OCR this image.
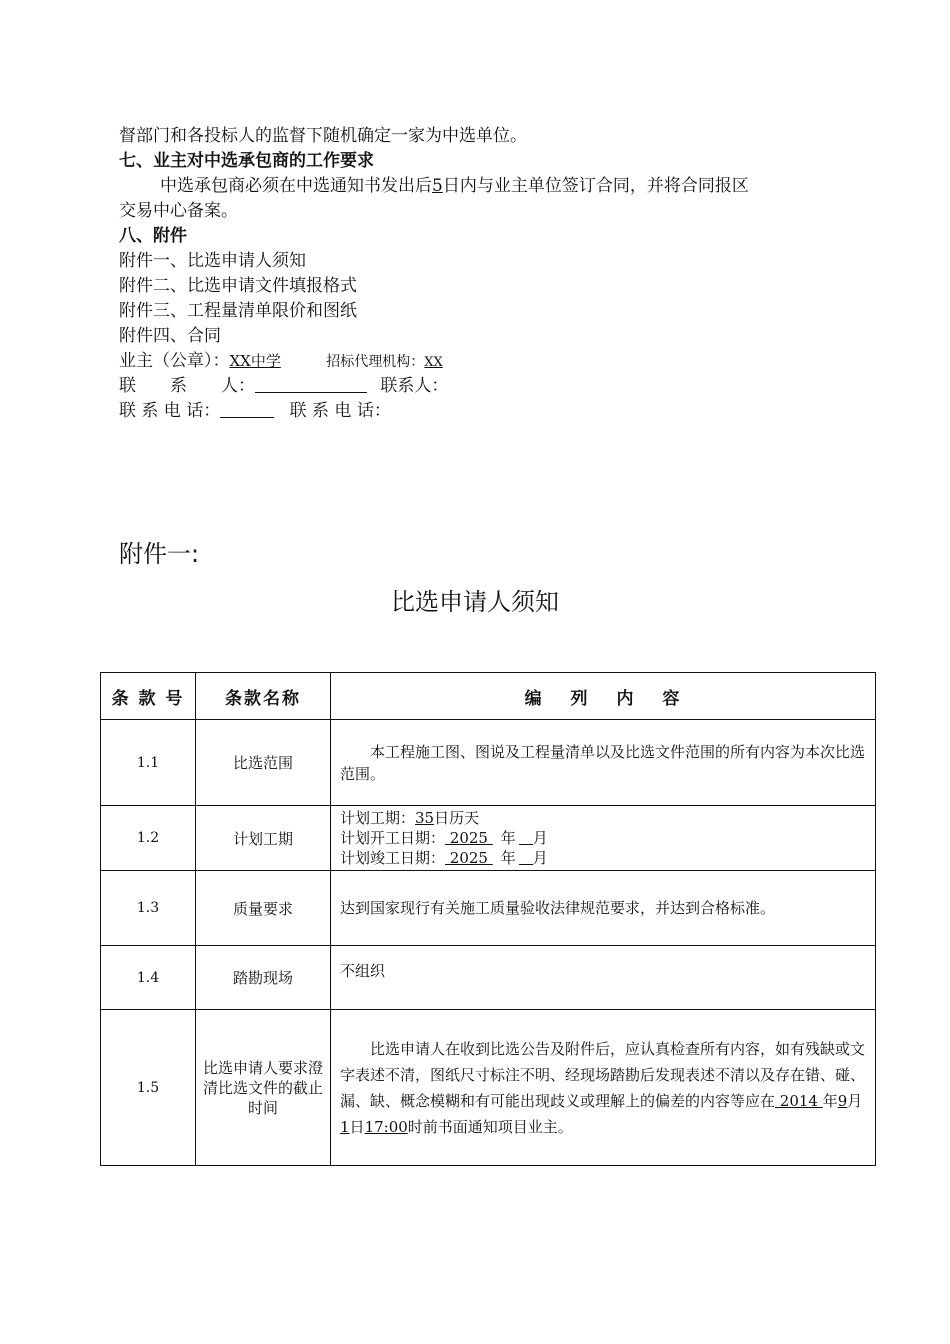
督部门和各投标人的监督下随机确定一家为中选单位。
七、业主对中选承包商的工作要求
中选承包商必须在中选通知书发出后5日内与业主单位签订合同，并将合同报区
交易中心备案。
八、附件
附件一、比选申请人须知
附件二、比选申请文件填报格式
附件三、工程量清单限价和图纸
附件四、合同
业主（公章）：XX中学	招标代理机构：XX
联　　系　　人：	联系人：
联 系 电 话：	联 系 电 话：
附件一:
比选申请人须知
条 款 号	条款名称	编　 列　 内　 容
1.1	比选范围	本工程施工图、图说及工程量清单以及比选文件范围的所有内容为本次比选范围。

1.2	计划工期	计划工期：35日历天
计划开工日期： 2025 年 月
计划竣工日期： 2025 年 月

1.3	质量要求	达到国家现行有关施工质量验收法律规范要求，并达到合格标准。
1.4	踏勘现场	不组织
1.5	比选申请人要求澄清比选文件的截止时间	比选申请人在收到比选公告及附件后，应认真检查所有内容，如有残缺或文字表述不清，图纸尺寸标注不明、经现场踏勘后发现表述不清以及存在错、碰、漏、缺、概念模糊和有可能出现歧义或理解上的偏差的内容等应在 2014 年9月1日17:00时前书面通知项目业主。
